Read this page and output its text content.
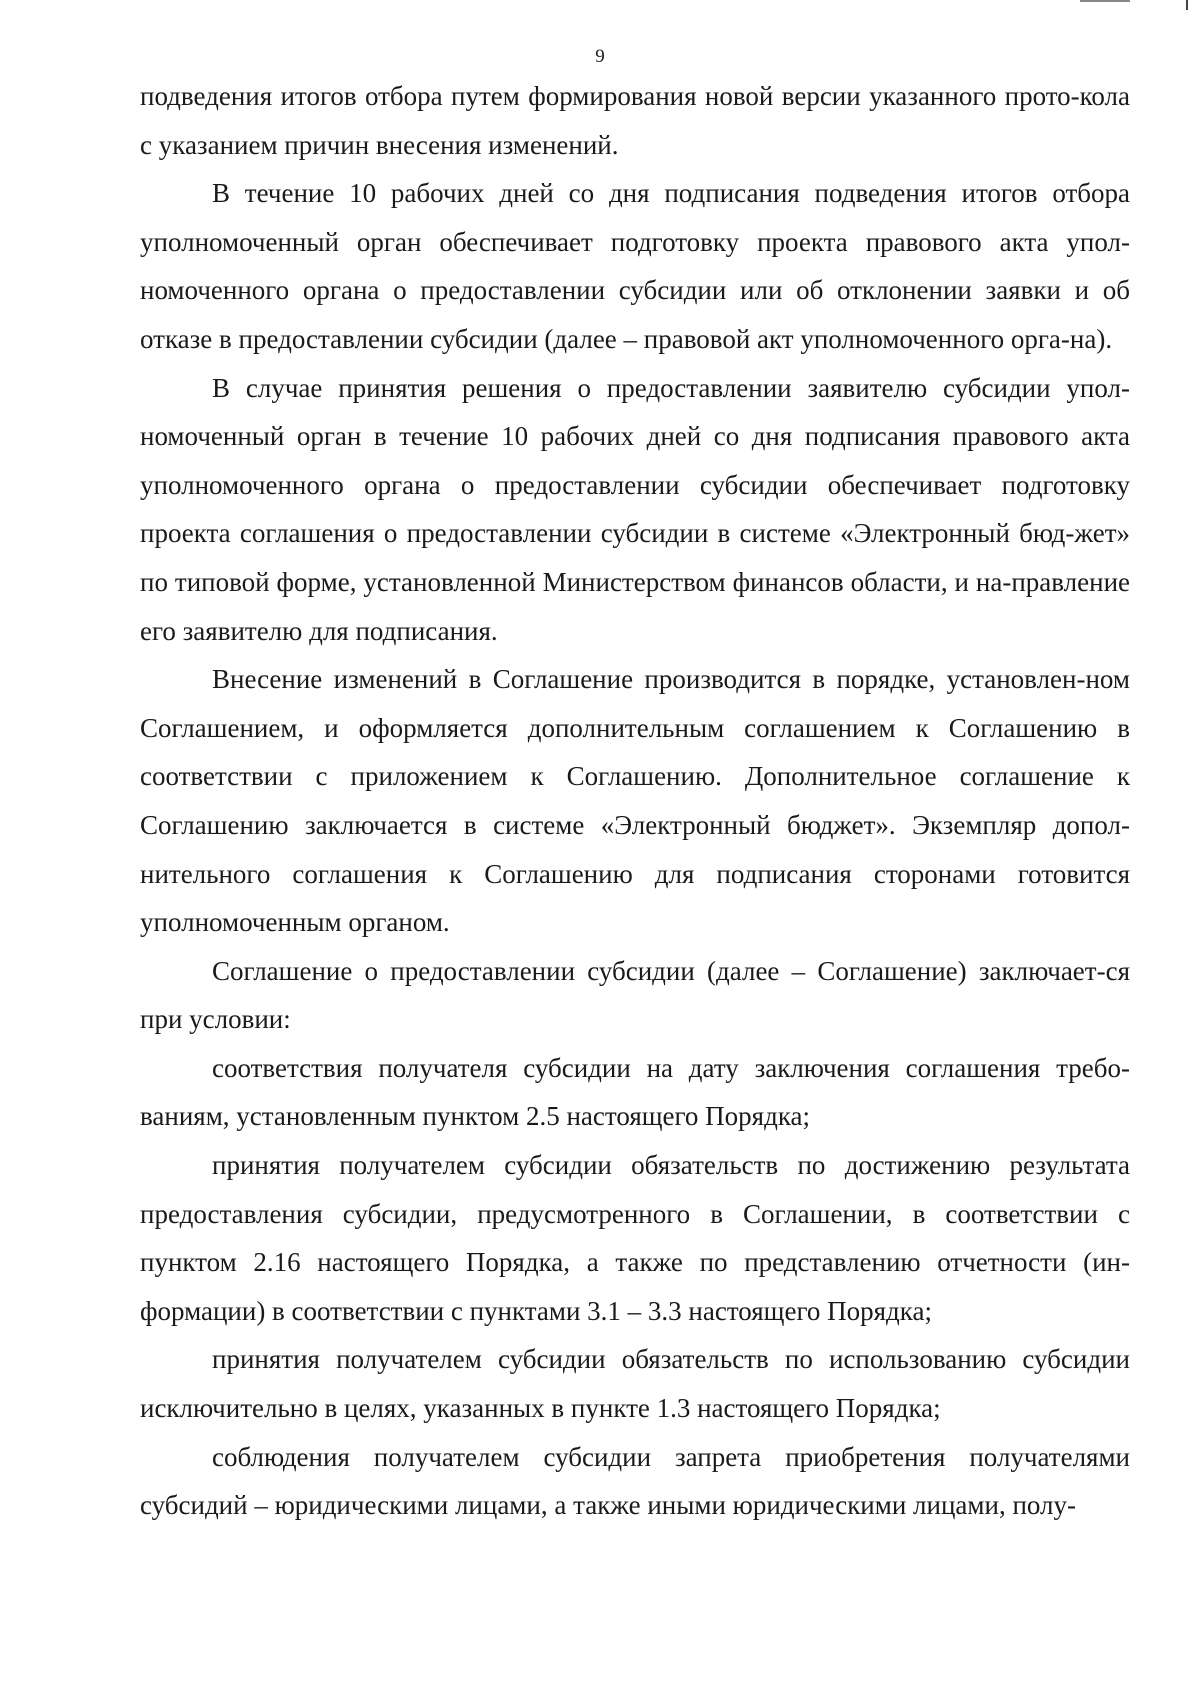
9

подведения итогов отбора путем формирования новой версии указанного прото-кола с указанием причин внесения изменений.

В течение 10 рабочих дней со дня подписания подведения итогов отбора уполномоченный орган обеспечивает подготовку проекта правового акта упол-номоченного органа о предоставлении субсидии или об отклонении заявки и об отказе в предоставлении субсидии (далее – правовой акт уполномоченного орга-на).

В случае принятия решения о предоставлении заявителю субсидии упол-номоченный орган в течение 10 рабочих дней со дня подписания правового акта уполномоченного органа о предоставлении субсидии обеспечивает подготовку проекта соглашения о предоставлении субсидии в системе «Электронный бюд-жет» по типовой форме, установленной Министерством финансов области, и на-правление его заявителю для подписания.

Внесение изменений в Соглашение производится в порядке, установлен-ном Соглашением, и оформляется дополнительным соглашением к Соглашению в соответствии с приложением к Соглашению. Дополнительное соглашение к Соглашению заключается в системе «Электронный бюджет». Экземпляр допол-нительного соглашения к Соглашению для подписания сторонами готовится уполномоченным органом.

Соглашение о предоставлении субсидии (далее – Соглашение) заключает-ся при условии:

соответствия получателя субсидии на дату заключения соглашения требо-ваниям, установленным пунктом 2.5 настоящего Порядка;

принятия получателем субсидии обязательств по достижению результата предоставления субсидии, предусмотренного в Соглашении, в соответствии с пунктом 2.16 настоящего Порядка, а также по представлению отчетности (ин-формации) в соответствии с пунктами 3.1 – 3.3 настоящего Порядка;

принятия получателем субсидии обязательств по использованию субсидии исключительно в целях, указанных в пункте 1.3 настоящего Порядка;

соблюдения получателем субсидии запрета приобретения получателями субсидий – юридическими лицами, а также иными юридическими лицами, полу-
